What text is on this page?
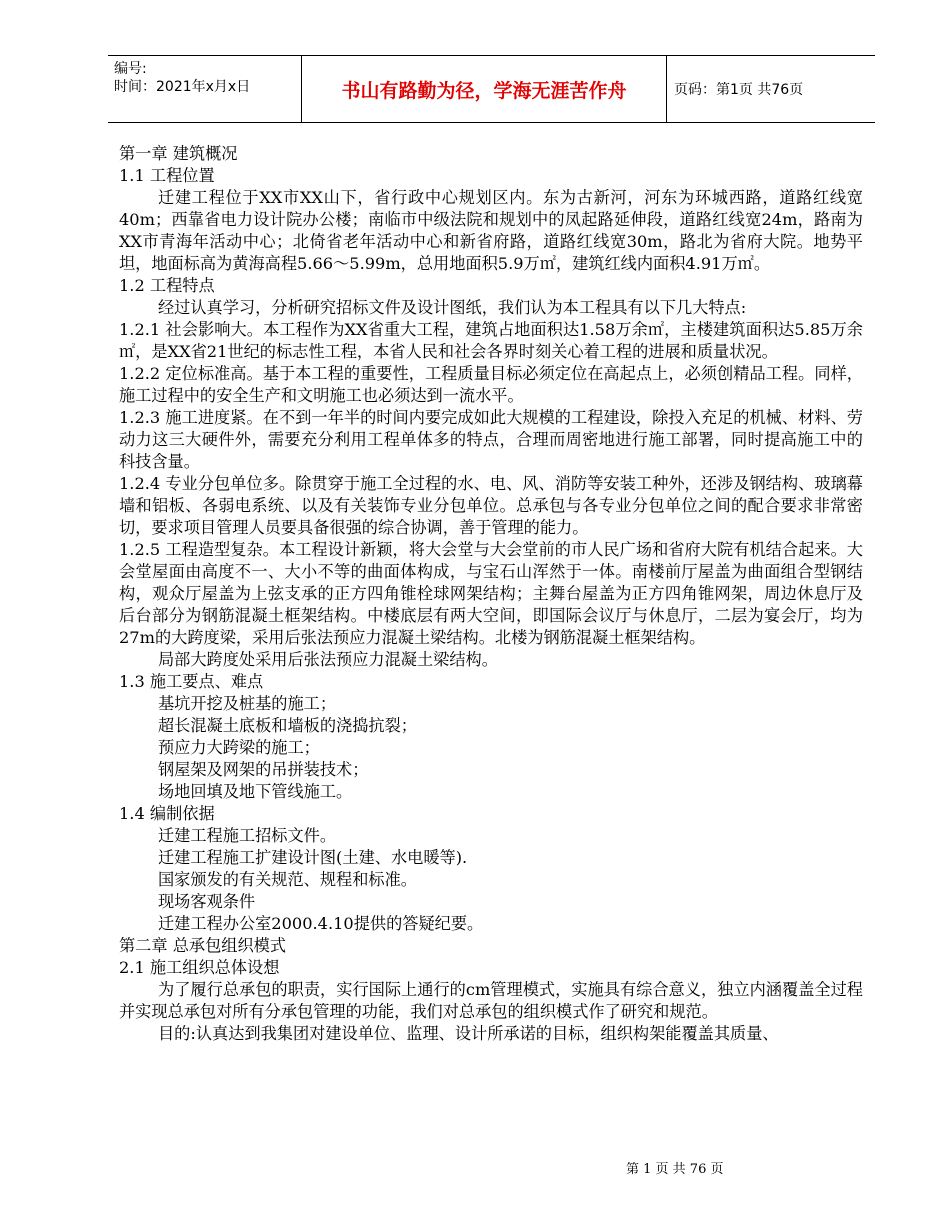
编号:
时间：2021年x月x日	书山有路勤为径，学海无涯苦作舟	页码：第1页 共76页

第一章 建筑概况

1.1 工程位置

迁建工程位于XX市XX山下，省行政中心规划区内。东为古新河，河东为环城西路，道路红线宽40m；西靠省电力设计院办公楼；南临市中级法院和规划中的凤起路延伸段，道路红线宽24m，路南为XX市青海年活动中心；北倚省老年活动中心和新省府路，道路红线宽30m，路北为省府大院。地势平坦，地面标高为黄海高程5.66～5.99m，总用地面积5.9万㎡，建筑红线内面积4.91万㎡。

1.2 工程特点

经过认真学习，分析研究招标文件及设计图纸，我们认为本工程具有以下几大特点:

1.2.1 社会影响大。本工程作为XX省重大工程，建筑占地面积达1.58万余㎡，主楼建筑面积达5.85万余㎡，是XX省21世纪的标志性工程，本省人民和社会各界时刻关心着工程的进展和质量状况。

1.2.2 定位标准高。基于本工程的重要性，工程质量目标必须定位在高起点上，必须创精品工程。同样，施工过程中的安全生产和文明施工也必须达到一流水平。

1.2.3 施工进度紧。在不到一年半的时间内要完成如此大规模的工程建设，除投入充足的机械、材料、劳动力这三大硬件外，需要充分利用工程单体多的特点，合理而周密地进行施工部署，同时提高施工中的科技含量。

1.2.4 专业分包单位多。除贯穿于施工全过程的水、电、风、消防等安装工种外，还涉及钢结构、玻璃幕墙和铝板、各弱电系统、以及有关装饰专业分包单位。总承包与各专业分包单位之间的配合要求非常密切，要求项目管理人员要具备很强的综合协调，善于管理的能力。

1.2.5 工程造型复杂。本工程设计新颖，将大会堂与大会堂前的市人民广场和省府大院有机结合起来。大会堂屋面由高度不一、大小不等的曲面体构成，与宝石山浑然于一体。南楼前厅屋盖为曲面组合型钢结构，观众厅屋盖为上弦支承的正方四角锥栓球网架结构；主舞台屋盖为正方四角锥网架，周边休息厅及后台部分为钢筋混凝土框架结构。中楼底层有两大空间，即国际会议厅与休息厅，二层为宴会厅，均为27m的大跨度梁，采用后张法预应力混凝土梁结构。北楼为钢筋混凝土框架结构。

局部大跨度处采用后张法预应力混凝土梁结构。

1.3 施工要点、难点

基坑开挖及桩基的施工；

超长混凝土底板和墙板的浇捣抗裂；

预应力大跨梁的施工；

钢屋架及网架的吊拼装技术；

场地回填及地下管线施工。

1.4 编制依据

迁建工程施工招标文件。

迁建工程施工扩建设计图(土建、水电暖等).

国家颁发的有关规范、规程和标准。

现场客观条件

迁建工程办公室2000.4.10提供的答疑纪要。

第二章 总承包组织模式

2.1 施工组织总体设想

为了履行总承包的职责，实行国际上通行的cm管理模式，实施具有综合意义，独立内涵覆盖全过程并实现总承包对所有分承包管理的功能，我们对总承包的组织模式作了研究和规范。

目的:认真达到我集团对建设单位、监理、设计所承诺的目标，组织构架能覆盖其质量、

第 1 页 共 76 页
